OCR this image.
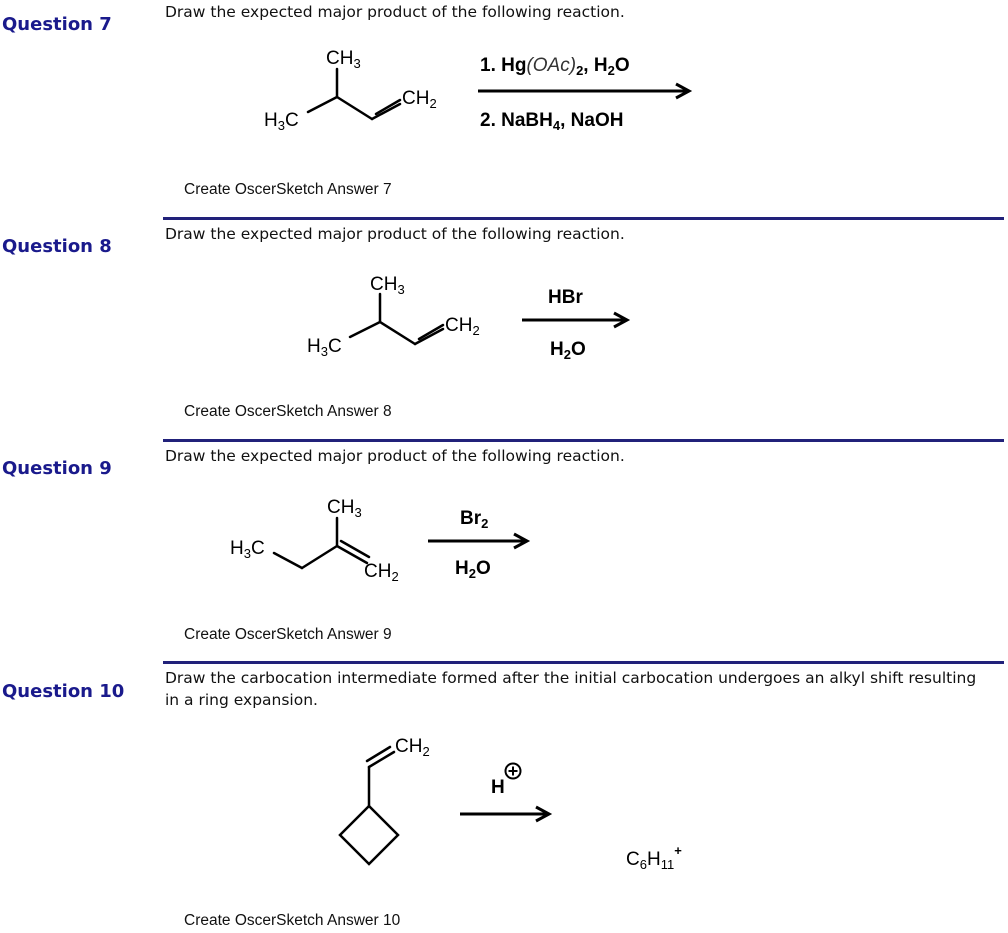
Question 7
Draw the expected major product of the following reaction.
$CH_3$
$H_3C$
$CH_2$
1. $Hg(OAc)_2$, $H_2O$
2. NaBH$_4$, NaOH
Create OscerSketch Answer 7
Question 8
Draw the expected major product of the following reaction.
$CH_3$
$H_3C$
$CH_2$
HBr
$H_2O$
Create OscerSketch Answer 8
Question 9
Draw the expected major product of the following reaction.
$CH_3$
$H_3C$
$CH_2$
$Br_2$
$H_2O$
Create OscerSketch Answer 9
Question 10
Draw the carbocation intermediate formed after the initial carbocation undergoes an alkyl shift resulting in a ring expansion.
$CH_2$
H
$C_6H_{11}^+$
Create OscerSketch Answer 10
